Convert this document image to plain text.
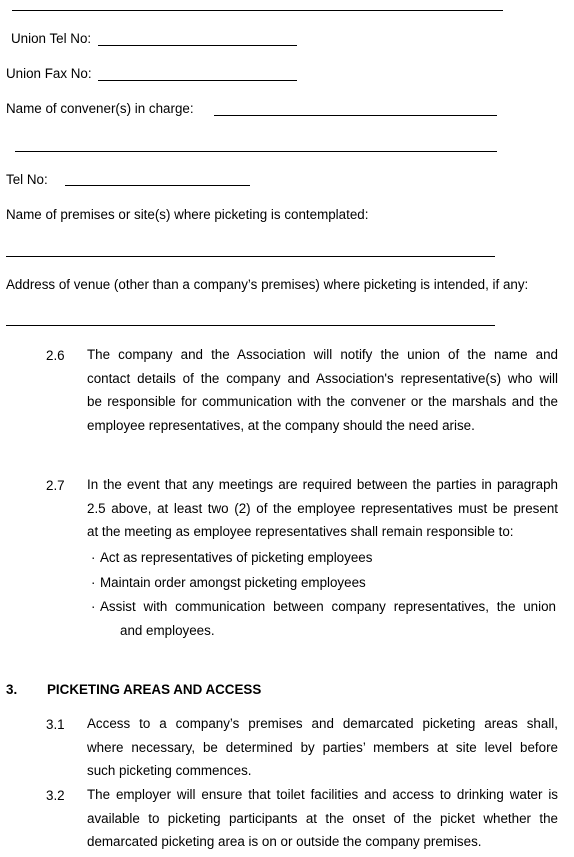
Union Tel No:
Union Fax No:
Name of convener(s) in charge:
Tel No:
Name of premises or site(s) where picketing is contemplated:
Address of venue (other than a company’s premises) where picketing is intended, if any:
2.6 The company and the Association will notify the union of the name and
contact details of the company and Association's representative(s) who will
be responsible for communication with the convener or the marshals and the
employee representatives, at the company should the need arise.
2.7 In the event that any meetings are required between the parties in paragraph
2.5 above, at least two (2) of the employee representatives must be present
at the meeting as employee representatives shall remain responsible to:
· Act as representatives of picketing employees
· Maintain order amongst picketing employees
· Assist with communication between company representatives, the union
and employees.
3. PICKETING AREAS AND ACCESS
3.1 Access to a company’s premises and demarcated picketing areas shall,
where necessary, be determined by parties’ members at site level before
such picketing commences.
3.2 The employer will ensure that toilet facilities and access to drinking water is
available to picketing participants at the onset of the picket whether the
demarcated picketing area is on or outside the company premises.
